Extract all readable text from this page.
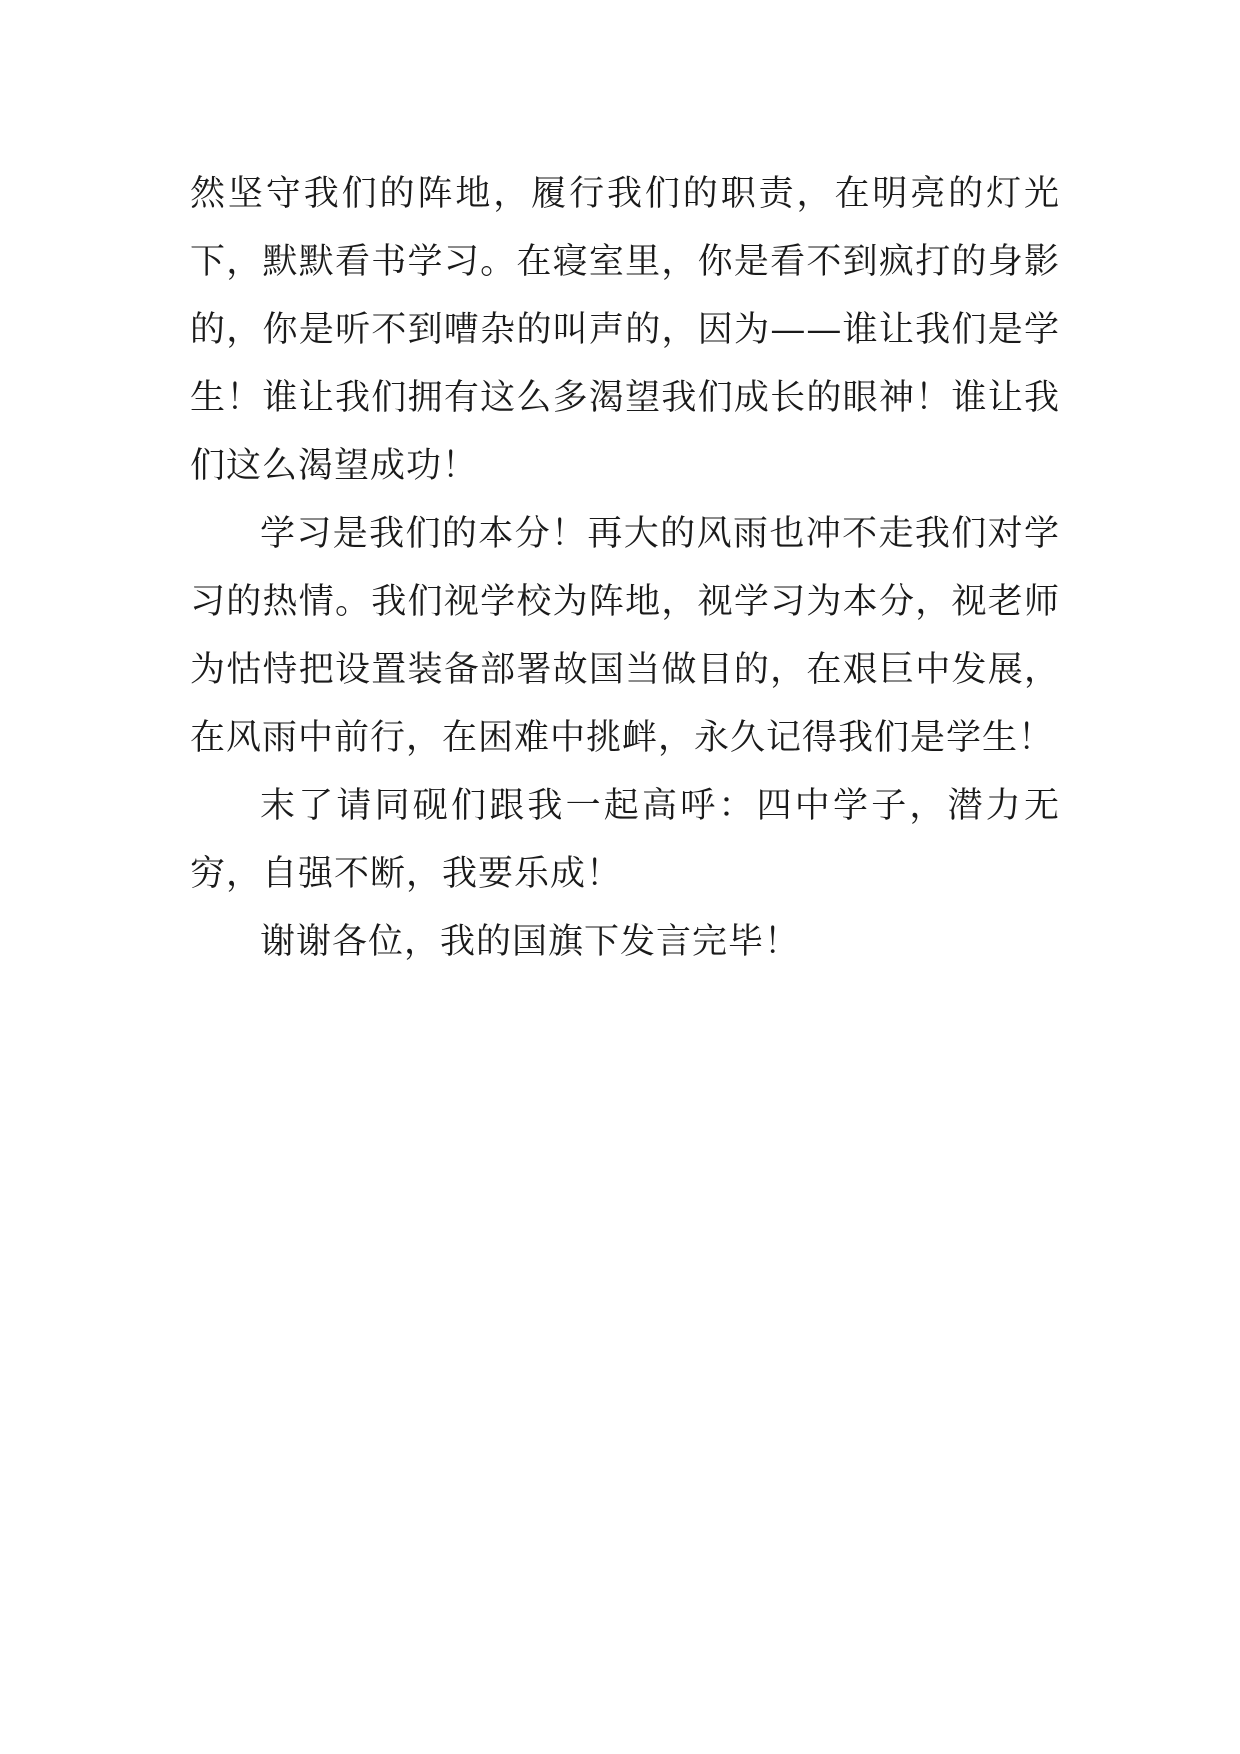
然坚守我们的阵地，履行我们的职责，在明亮的灯光下，默默看书学习。在寝室里，你是看不到疯打的身影的，你是听不到嘈杂的叫声的，因为——谁让我们是学生！谁让我们拥有这么多渴望我们成长的眼神！谁让我们这么渴望成功！

学习是我们的本分！再大的风雨也冲不走我们对学习的热情。我们视学校为阵地，视学习为本分，视老师为怙恃把设置装备部署故国当做目的，在艰巨中发展，在风雨中前行，在困难中挑衅，永久记得我们是学生！

末了请同砚们跟我一起高呼：四中学子，潜力无穷，自强不断，我要乐成！

谢谢各位，我的国旗下发言完毕！
